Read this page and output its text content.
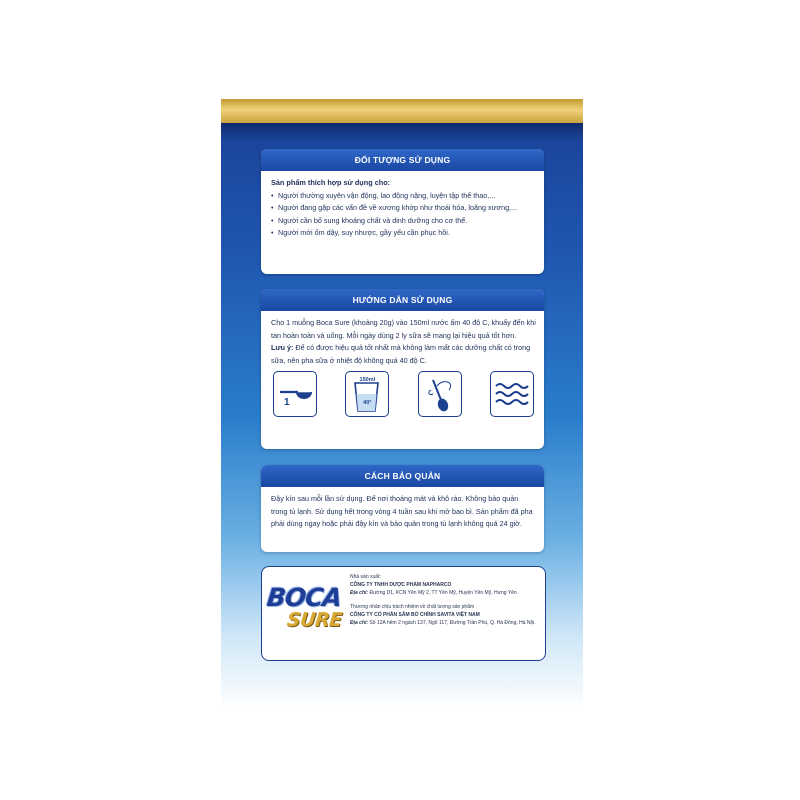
ĐỐI TƯỢNG SỬ DỤNG
Sản phẩm thích hợp sử dụng cho:
• Người thường xuyên vận động, lao động nặng, luyện tập thể thao,...
• Người đang gặp các vấn đề về xương khớp như thoái hóa, loãng xương,...
• Người cần bổ sung khoáng chất và dinh dưỡng cho cơ thể.
• Người mới ốm dậy, suy nhược, gầy yếu cần phục hồi.
HƯỚNG DẪN SỬ DỤNG
Cho 1 muỗng Boca Sure (khoảng 20g) vào 150ml nước ấm 40 độ C, khuấy đến khi tan hoàn toàn và uống. Mỗi ngày dùng 2 ly sữa sẽ mang lại hiệu quả tốt hơn.
Lưu ý: Để có được hiệu quả tốt nhất mà không làm mất các dưỡng chất có trong sữa, nên pha sữa ở nhiệt độ không quá 40 độ C.
1
150ml
40°
CÁCH BẢO QUẢN
Đậy kín sau mỗi lần sử dụng. Để nơi thoáng mát và khô ráo. Không bảo quản trong tủ lạnh. Sử dụng hết trong vòng 4 tuần sau khi mở bao bì. Sản phẩm đã pha phải dùng ngay hoặc phải đậy kín và bảo quản trong tủ lạnh không quá 24 giờ.
BOCA
SURE
Nhà sản xuất:
CÔNG TY TNHH DƯỢC PHẨM NAPHARCO
Địa chỉ: Đường D1, KCN Yên Mỹ 2, TT Yên Mỹ, Huyện Yên Mỹ, Hưng Yên.
Thương nhân chịu trách nhiệm về chất lượng sản phẩm
CÔNG TY CỔ PHẦN SÂM BỔ CHÍNH SAVITA VIỆT NAM
Địa chỉ: Số 12A hẻm 2 ngách 137, Ngõ 117, Đường Trần Phú, Q. Hà Đông, Hà Nội.
